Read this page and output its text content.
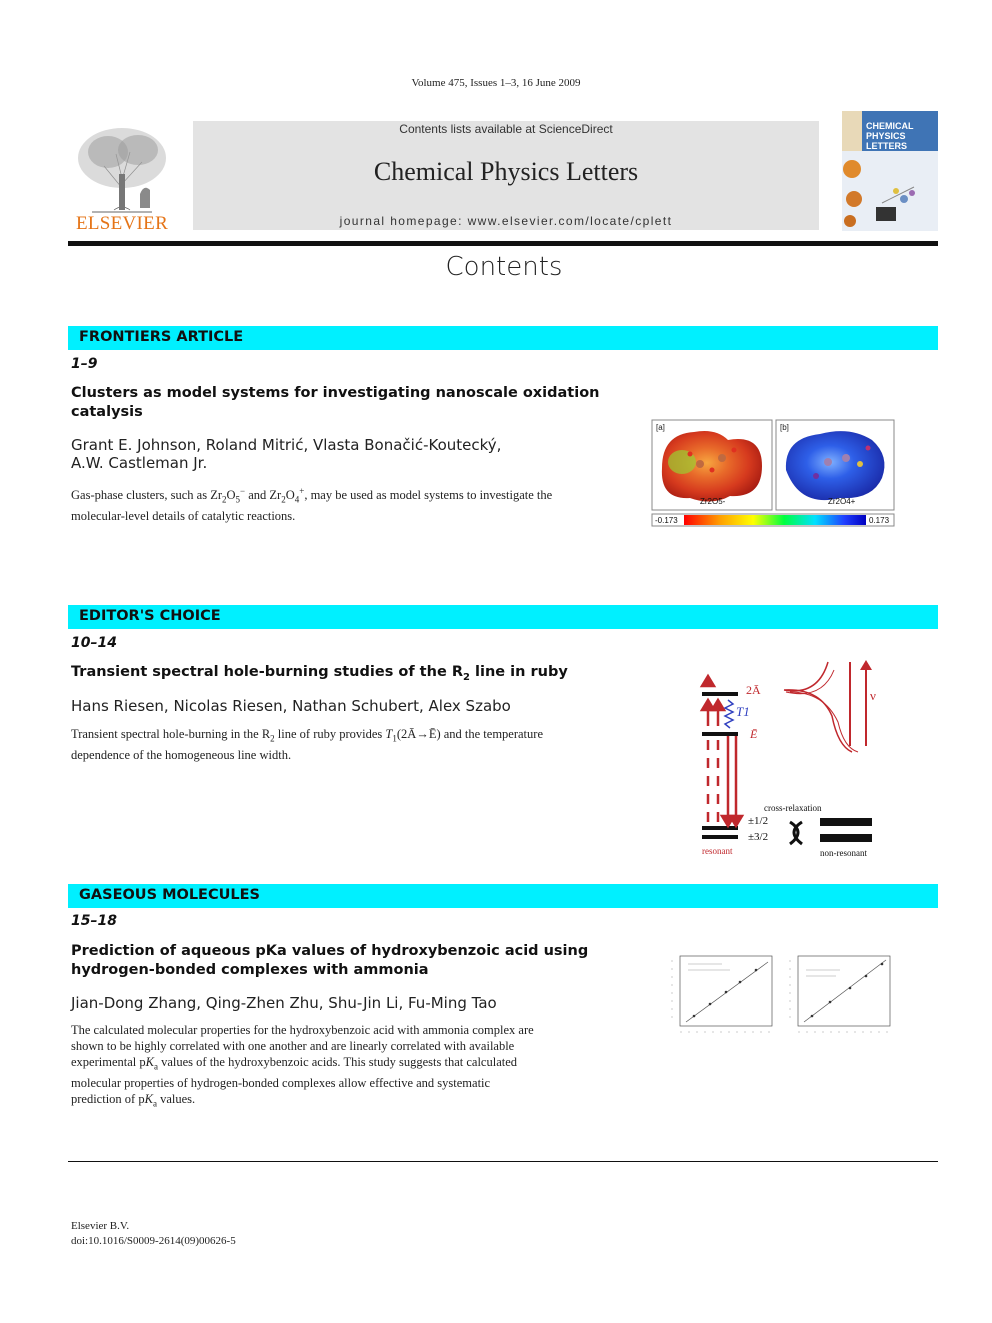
Volume 475, Issues 1–3, 16 June 2009
ELSEVIER
Contents lists available at ScienceDirect
Chemical Physics Letters
journal homepage: www.elsevier.com/locate/cplett
CHEMICAL
PHYSICS
LETTERS
Contents
FRONTIERS ARTICLE
1–9
Clusters as model systems for investigating nanoscale oxidation
catalysis
Grant E. Johnson, Roland Mitrić, Vlasta Bonačić-Koutecký,
A.W. Castleman Jr.
Gas-phase clusters, such as $Zr_2O_5^-$ and $Zr_2O_4^+$, may be used as model systems to investigate the molecular-level details of catalytic reactions.
[a]	[b]
Zr2O5-	Zr2O4+
-0.173	0.173
EDITOR'S CHOICE
10–14
Transient spectral hole-burning studies of the $R_2$ line in ruby
Hans Riesen, Nicolas Riesen, Nathan Schubert, Alex Szabo
Transient spectral hole-burning in the $R_2$ line of ruby provides $T_1(2Ā\to Ē)$ and the temperature dependence of the homogeneous line width.
2Ā
T1
Ē
ν
cross-relaxation
±1/2
±3/2
resonant	non-resonant
GASEOUS MOLECULES
15–18
Prediction of aqueous pKa values of hydroxybenzoic acid using
hydrogen-bonded complexes with ammonia
Jian-Dong Zhang, Qing-Zhen Zhu, Shu-Jin Li, Fu-Ming Tao
The calculated molecular properties for the hydroxybenzoic acid with ammonia complex are
shown to be highly correlated with one another and are linearly correlated with available
experimental $pK_a$ values of the hydroxybenzoic acids. This study suggests that calculated
molecular properties of hydrogen-bonded complexes allow effective and systematic
prediction of $pK_a$ values.
Elsevier B.V.
doi:10.1016/S0009-2614(09)00626-5
